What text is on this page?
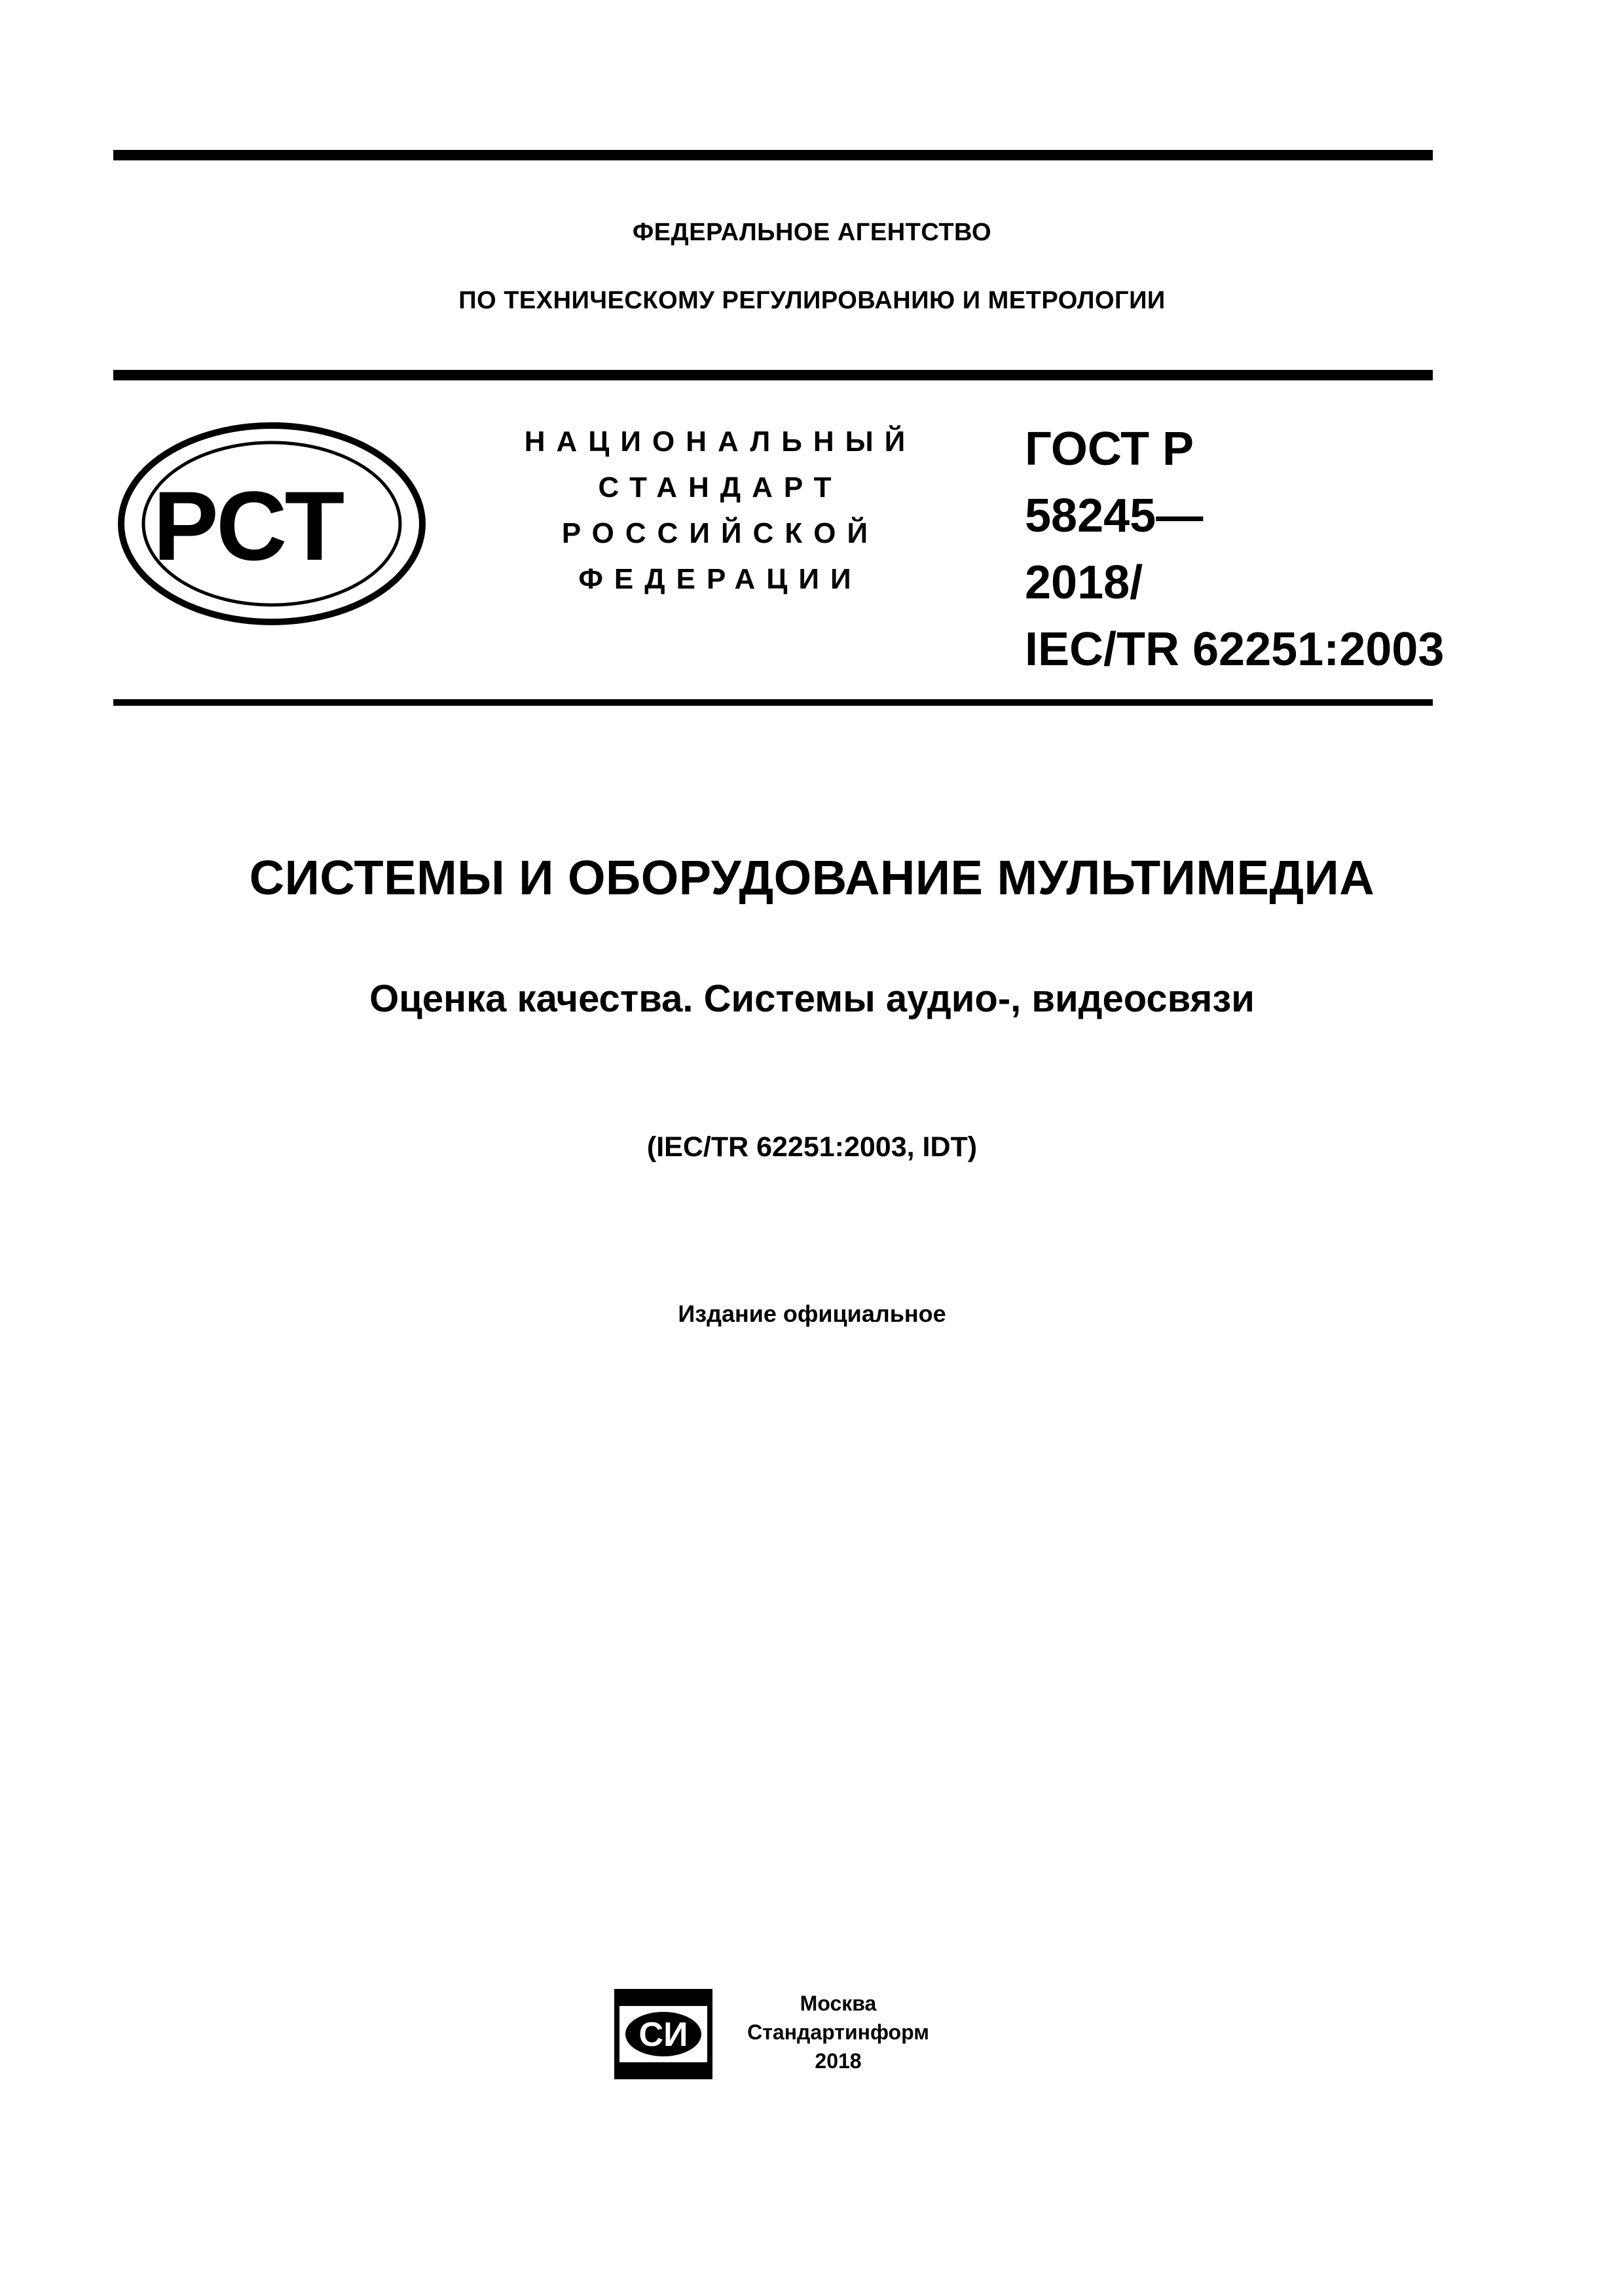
ФЕДЕРАЛЬНОЕ АГЕНТСТВО
ПО ТЕХНИЧЕСКОМУ РЕГУЛИРОВАНИЮ И МЕТРОЛОГИИ
РСТ
НАЦИОНАЛЬНЫЙ
СТАНДАРТ
РОССИЙСКОЙ
ФЕДЕРАЦИИ
ГОСТ Р
58245—
2018/
IEC/TR 62251:2003
СИСТЕМЫ И ОБОРУДОВАНИЕ МУЛЬТИМЕДИА
Оценка качества. Системы аудио-, видеосвязи
(IEC/TR 62251:2003, IDT)
Издание официальное
СИ
Москва
Стандартинформ
2018
